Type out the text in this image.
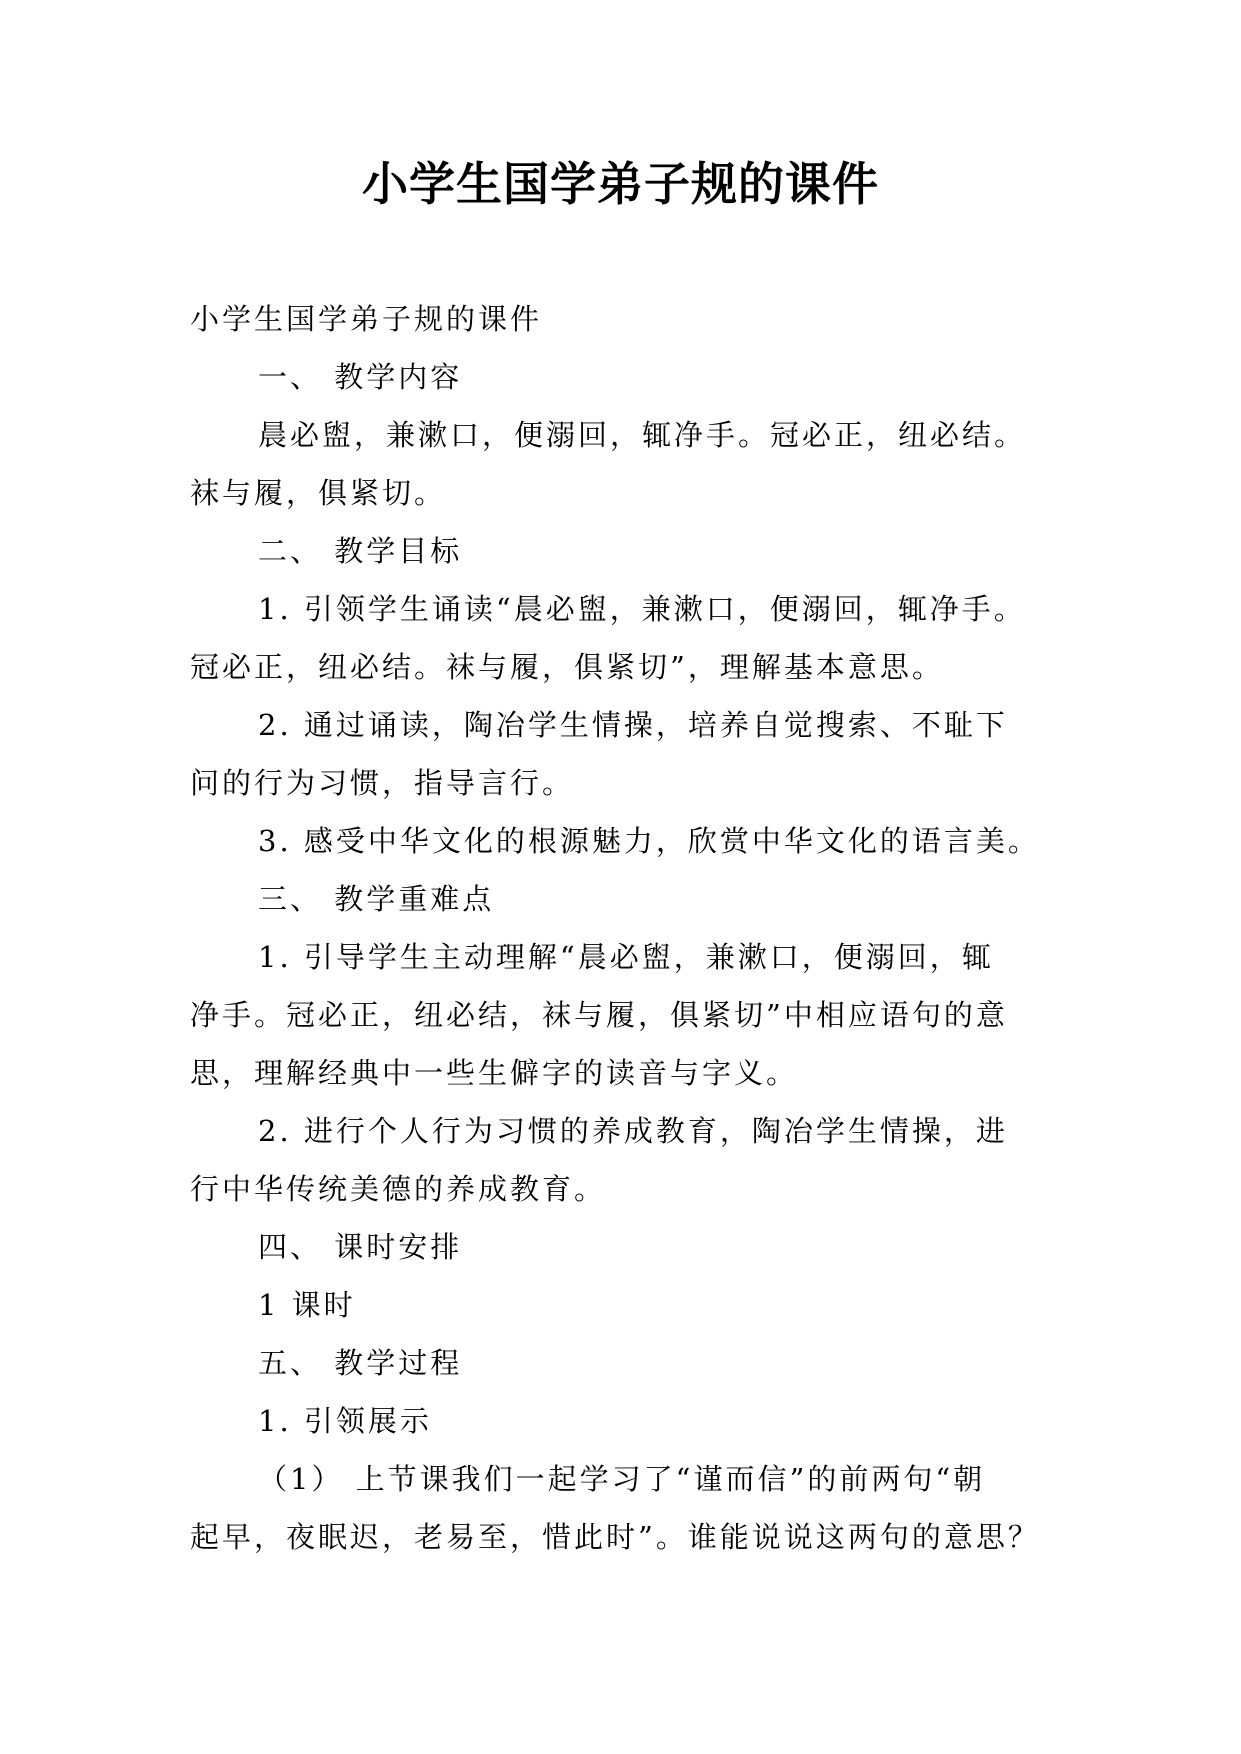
小学生国学弟子规的课件
小学生国学弟子规的课件
一、 教学内容
晨必盥，兼漱口，便溺回，辄净手。冠必正，纽必结。
袜与履，俱紧切。
二、 教学目标
1. 引领学生诵读“晨必盥，兼漱口，便溺回，辄净手。
冠必正，纽必结。袜与履，俱紧切”，理解基本意思。
2. 通过诵读，陶冶学生情操，培养自觉搜索、不耻下
问的行为习惯，指导言行。
3. 感受中华文化的根源魅力，欣赏中华文化的语言美。
三、 教学重难点
1. 引导学生主动理解“晨必盥，兼漱口，便溺回，辄
净手。冠必正，纽必结，袜与履，俱紧切”中相应语句的意
思，理解经典中一些生僻字的读音与字义。
2. 进行个人行为习惯的养成教育，陶冶学生情操，进
行中华传统美德的养成教育。
四、 课时安排
1 课时
五、 教学过程
1. 引领展示
（1） 上节课我们一起学习了“谨而信”的前两句“朝
起早，夜眠迟，老易至，惜此时”。谁能说说这两句的意思？
